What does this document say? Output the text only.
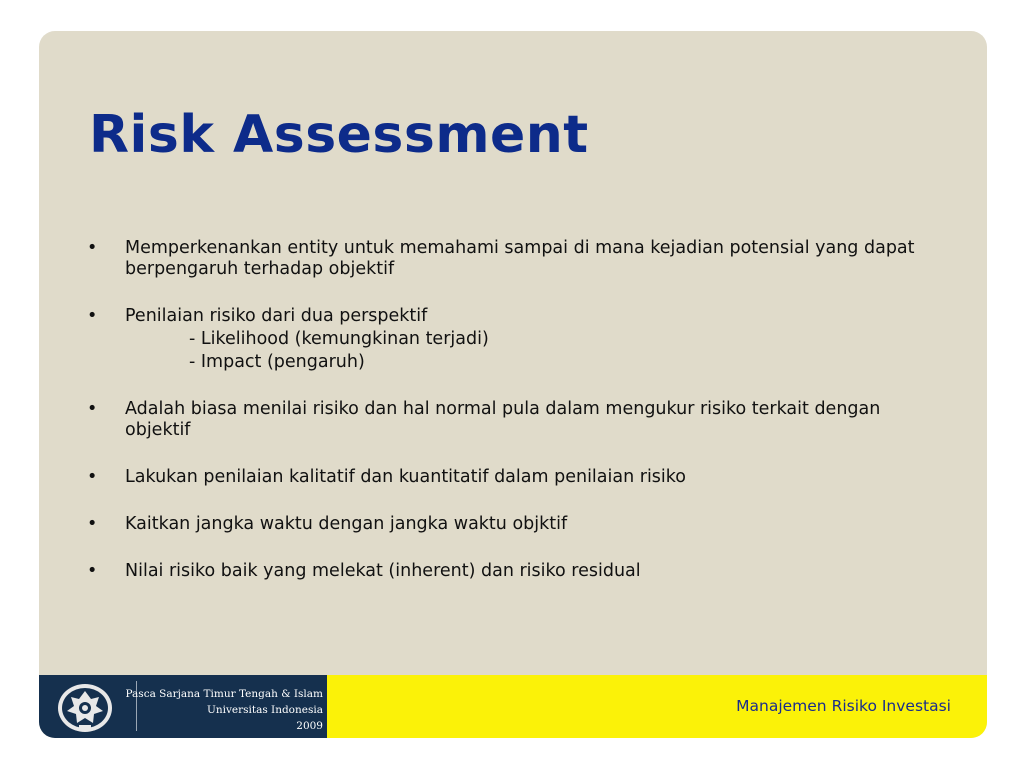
Risk Assessment
• Memperkenankan entity untuk memahami sampai di mana kejadian potensial yang dapat berpengaruh terhadap objektif
• Penilaian risiko dari dua perspektif
- Likelihood (kemungkinan terjadi)
- Impact (pengaruh)
• Adalah biasa menilai risiko dan hal normal pula dalam mengukur risiko terkait dengan objektif
• Lakukan penilaian kalitatif dan kuantitatif dalam penilaian risiko
• Kaitkan jangka waktu dengan jangka waktu objktif
• Nilai risiko baik yang melekat (inherent) dan risiko residual
Pasca Sarjana Timur Tengah & Islam
Universitas Indonesia
2009
Manajemen Risiko Investasi
